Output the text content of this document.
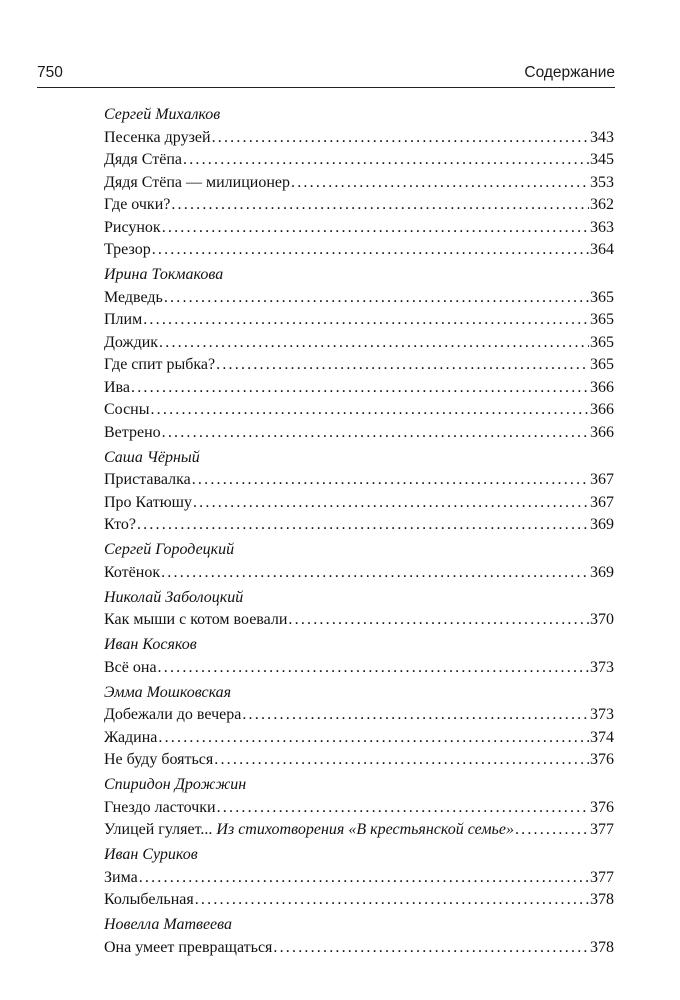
750	Содержание
Сергей Михалков
Песенка друзей .....	343
Дядя Стёпа .....	345
Дядя Стёпа — милиционер .....	353
Где очки? .....	362
Рисунок .....	363
Трезор .....	364
Ирина Токмакова
Медведь .....	365
Плим .....	365
Дождик .....	365
Где спит рыбка? .....	365
Ива .....	366
Сосны .....	366
Ветрено .....	366
Саша Чёрный
Приставалка .....	367
Про Катюшу .....	367
Кто? .....	369
Сергей Городецкий
Котёнок .....	369
Николай Заболоцкий
Как мыши с котом воевали .....	370
Иван Косяков
Всё она .....	373
Эмма Мошковская
Добежали до вечера .....	373
Жадина .....	374
Не буду бояться .....	376
Спиридон Дрожжин
Гнездо ласточки .....	376
Улицей гуляет... Из стихотворения «В крестьянской семье» .....	377
Иван Суриков
Зима .....	377
Колыбельная .....	378
Новелла Матвеева
Она умеет превращаться .....	378
